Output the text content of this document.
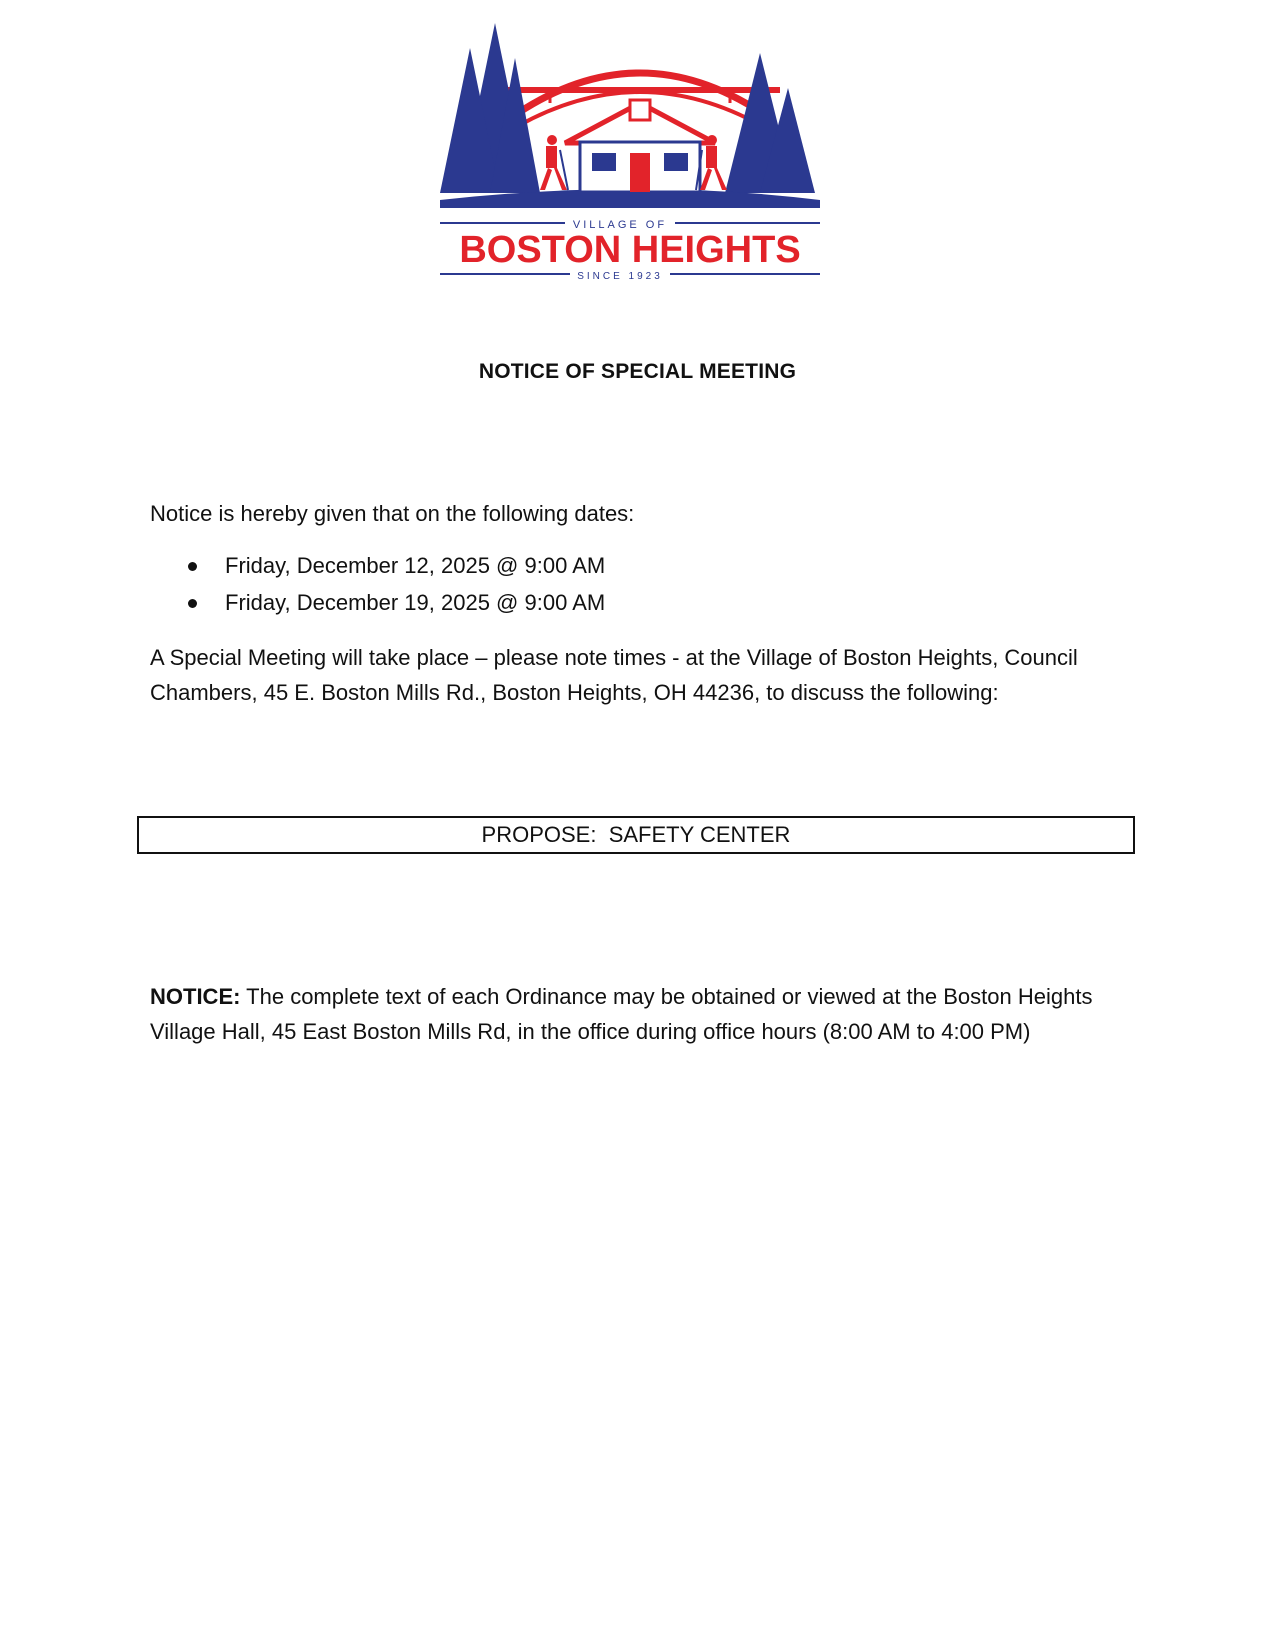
VILLAGE OF
BOSTON HEIGHTS
SINCE 1923
NOTICE OF SPECIAL MEETING
Notice is hereby given that on the following dates:
Friday, December 12, 2025 @ 9:00 AM
Friday, December 19, 2025 @ 9:00 AM
A Special Meeting will take place – please note times - at the Village of Boston Heights, Council Chambers, 45 E. Boston Mills Rd., Boston Heights, OH 44236, to discuss the following:
PROPOSE:  SAFETY CENTER
NOTICE: The complete text of each Ordinance may be obtained or viewed at the Boston Heights Village Hall, 45 East Boston Mills Rd, in the office during office hours (8:00 AM to 4:00 PM)
